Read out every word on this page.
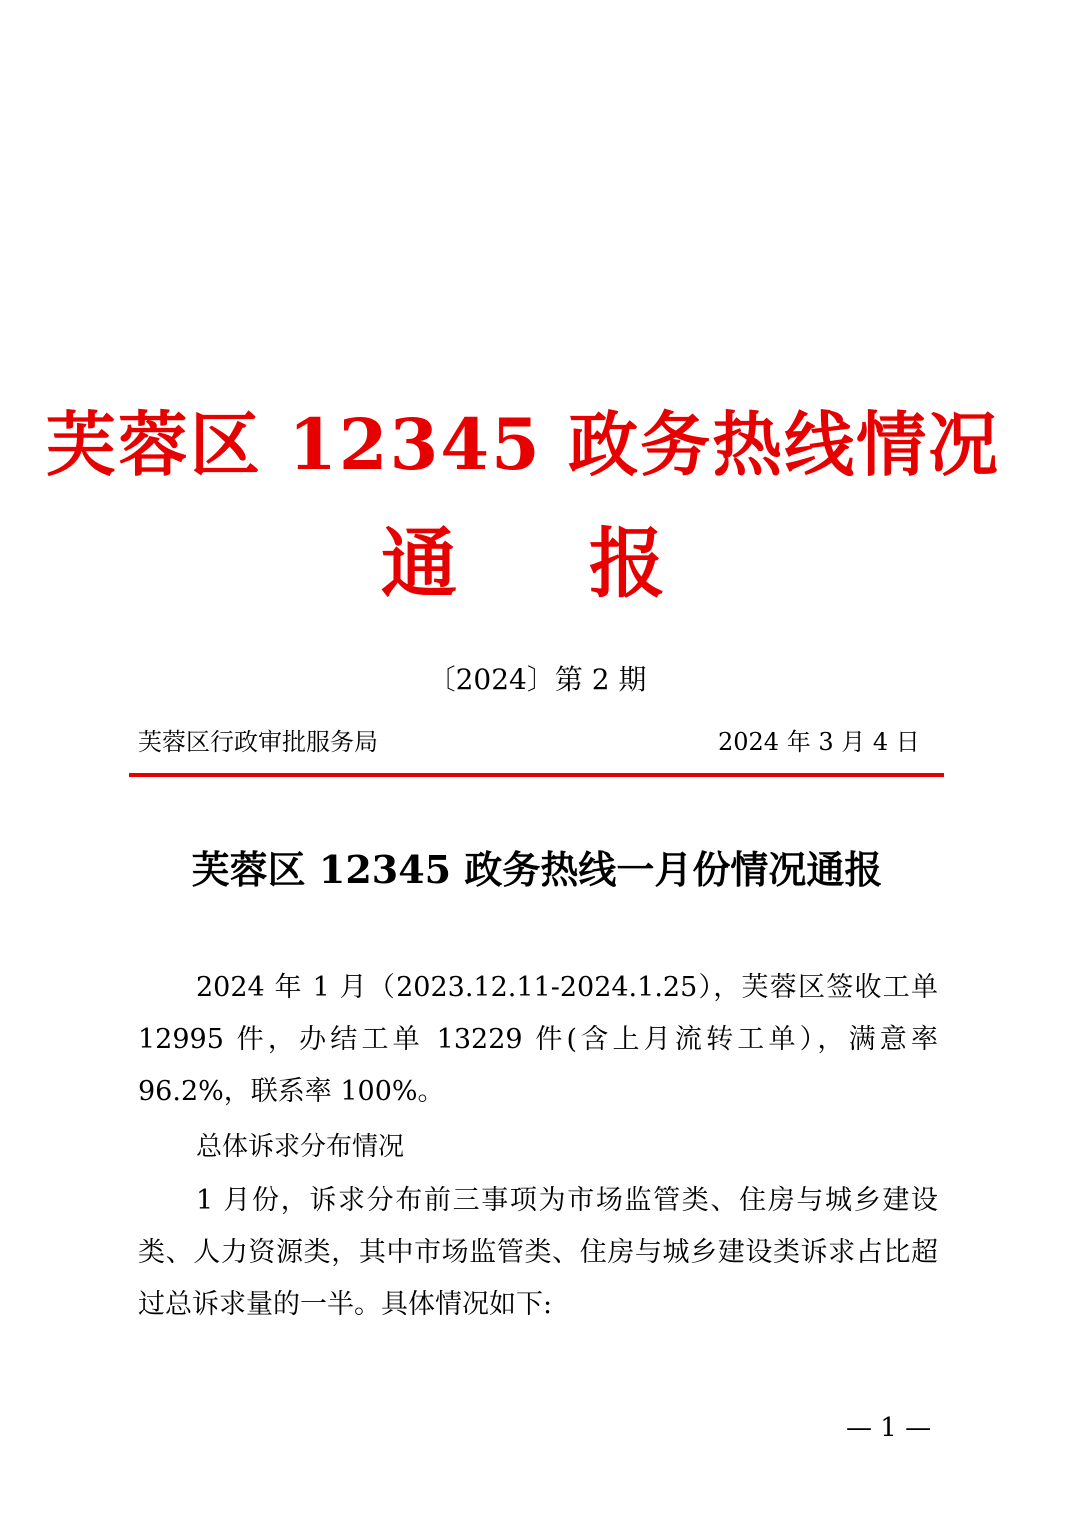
芙蓉区 12345 政务热线情况
通 报
〔2024〕第 2 期
芙蓉区行政审批服务局	2024 年 3 月 4 日
芙蓉区 12345 政务热线一月份情况通报
2024 年 1 月（2023.12.11-2024.1.25），芙蓉区签收工单 12995 件，办结工单 13229 件(含上月流转工单），满意率 96.2%，联系率 100%。
总体诉求分布情况
1 月份，诉求分布前三事项为市场监管类、住房与城乡建设类、人力资源类，其中市场监管类、住房与城乡建设类诉求占比超过总诉求量的一半。具体情况如下:
— 1 —
